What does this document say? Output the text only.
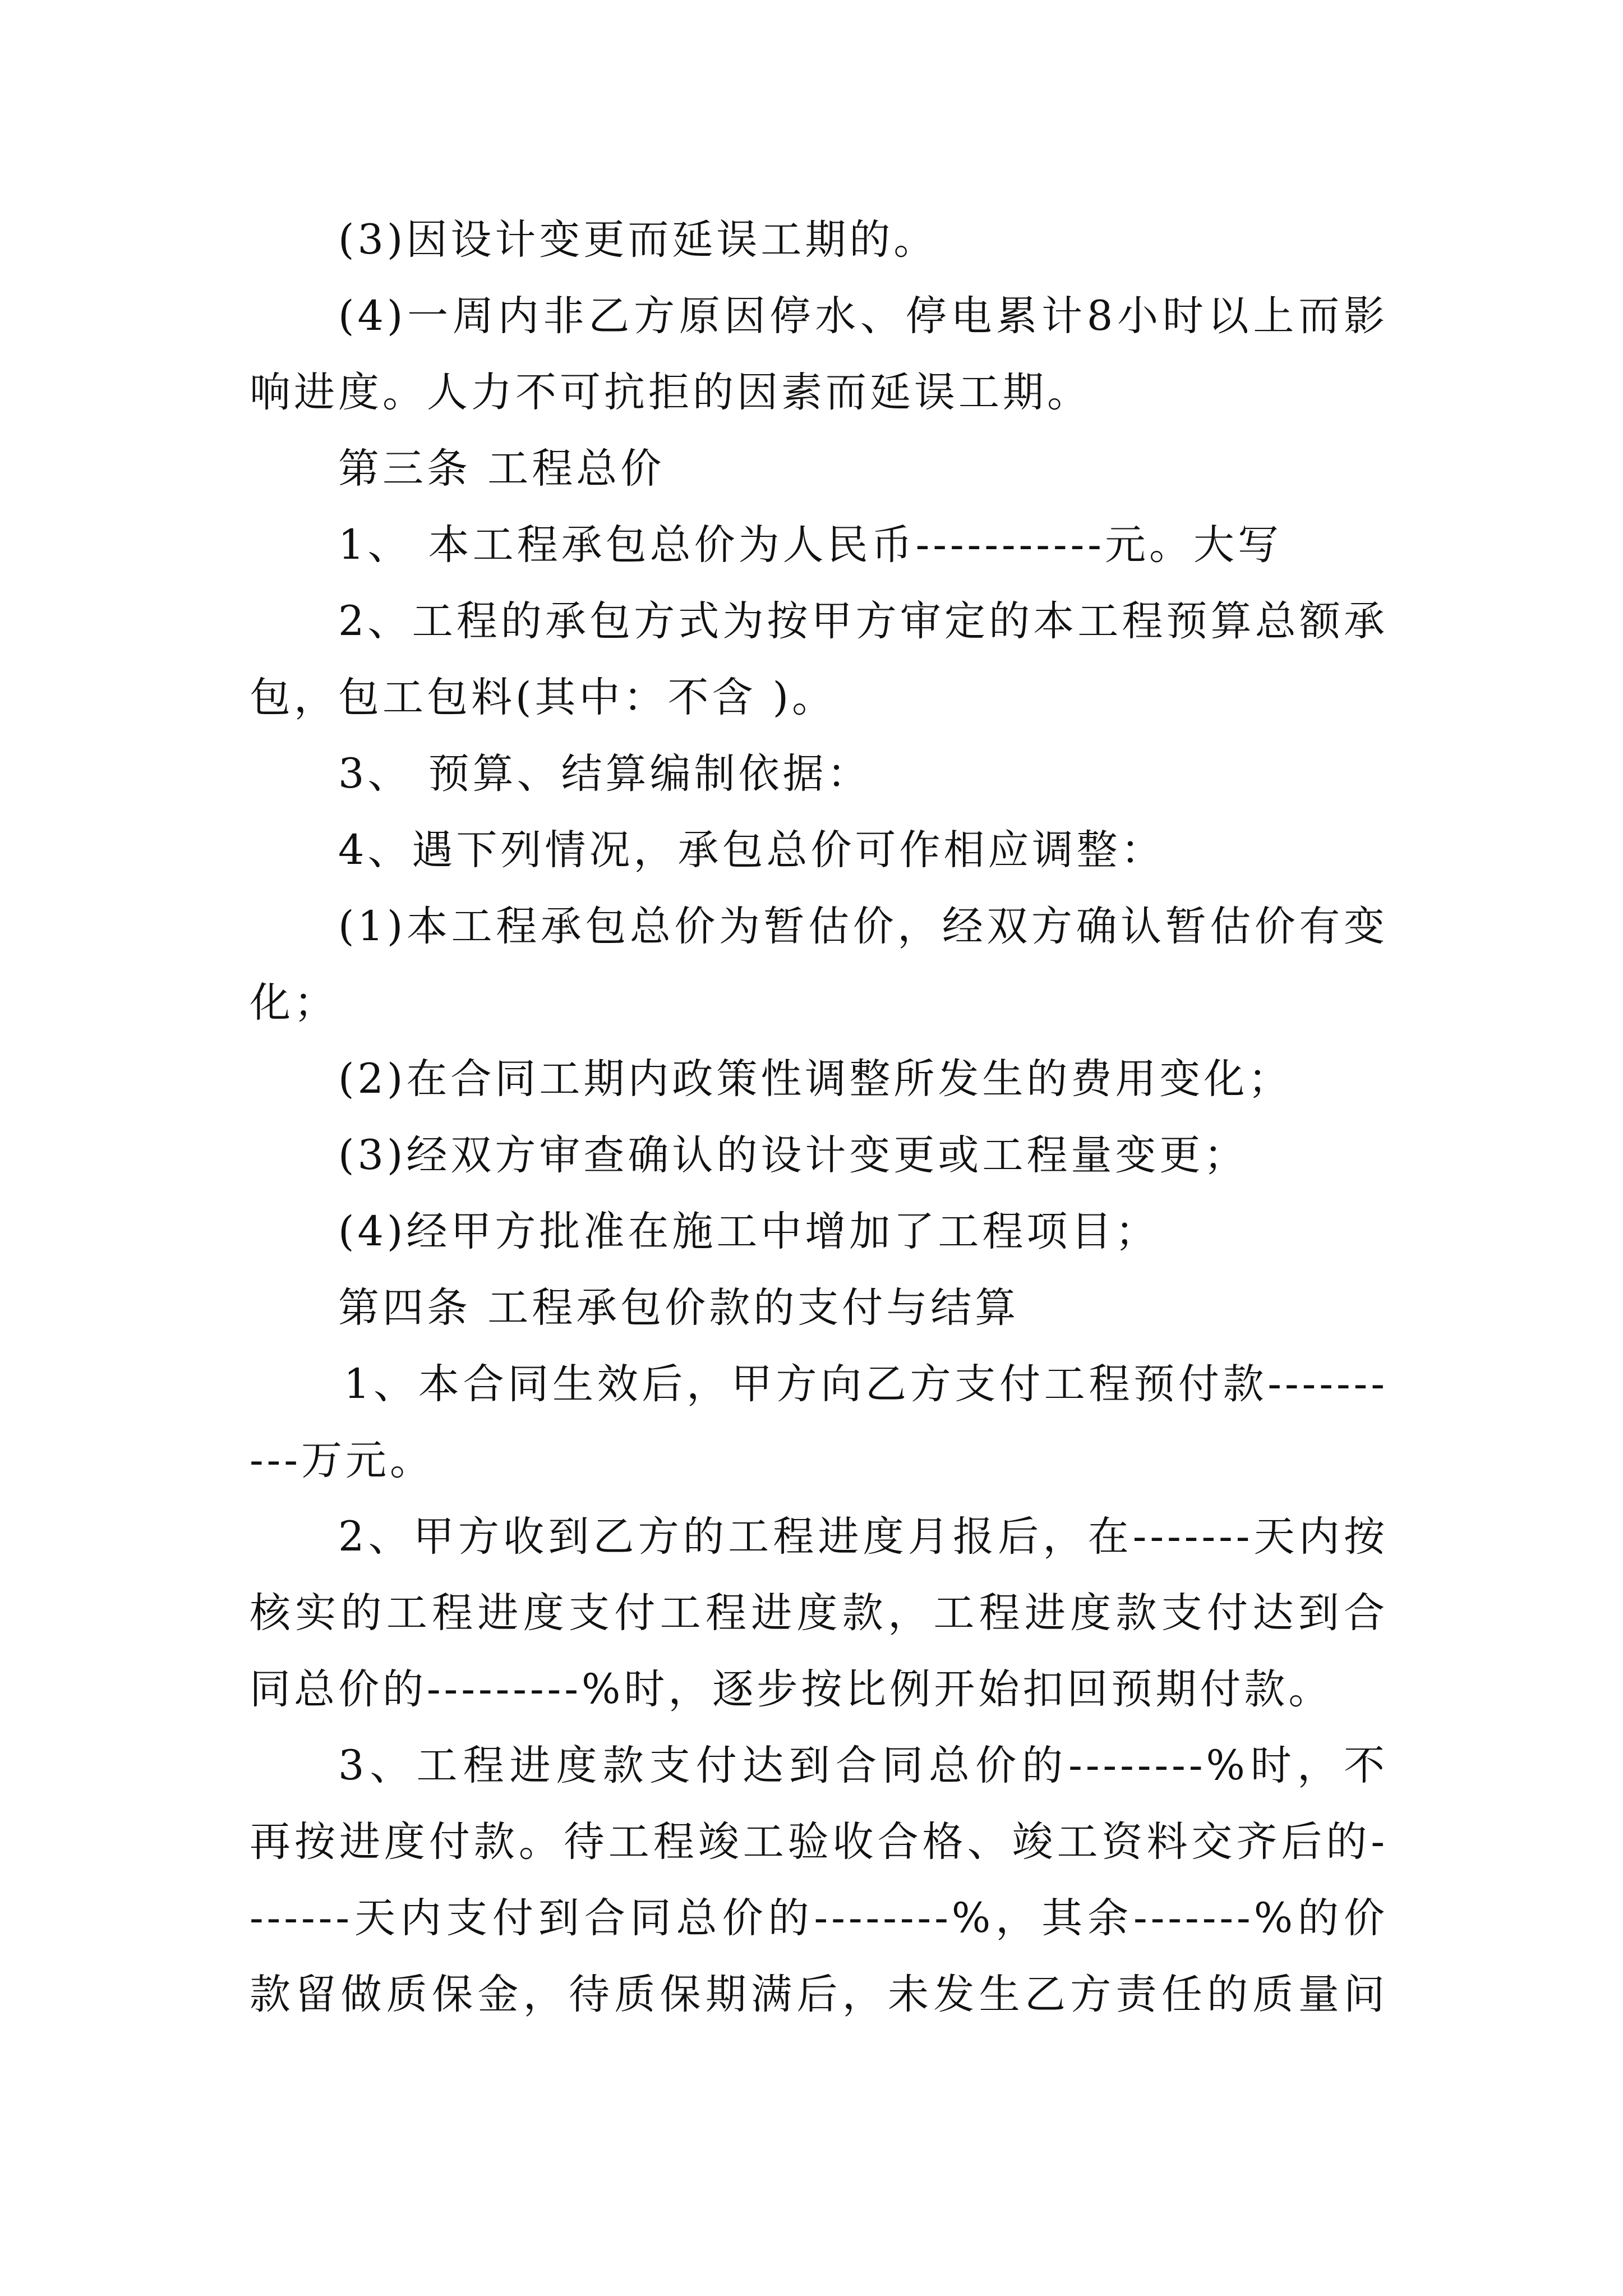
(3)因设计变更而延误工期的。

(4)一周内非乙方原因停水、停电累计8小时以上而影响进度。人力不可抗拒的因素而延误工期。

第三条 工程总价

1、 本工程承包总价为人民币-----------元。大写

2、工程的承包方式为按甲方审定的本工程预算总额承包，包工包料(其中：不含 )。

3、 预算、结算编制依据：

4、遇下列情况，承包总价可作相应调整：

(1)本工程承包总价为暂估价，经双方确认暂估价有变化；

(2)在合同工期内政策性调整所发生的费用变化；

(3)经双方审查确认的设计变更或工程量变更；

(4)经甲方批准在施工中增加了工程项目；

第四条 工程承包价款的支付与结算

1、本合同生效后，甲方向乙方支付工程预付款----------万元。

2、甲方收到乙方的工程进度月报后，在-------天内按核实的工程进度支付工程进度款，工程进度款支付达到合同总价的---------%时，逐步按比例开始扣回预期付款。

3、工程进度款支付达到合同总价的--------%时，不再按进度付款。待工程竣工验收合格、竣工资料交齐后的-------天内支付到合同总价的--------%，其余-------%的价款留做质保金，待质保期满后，未发生乙方责任的质量问
